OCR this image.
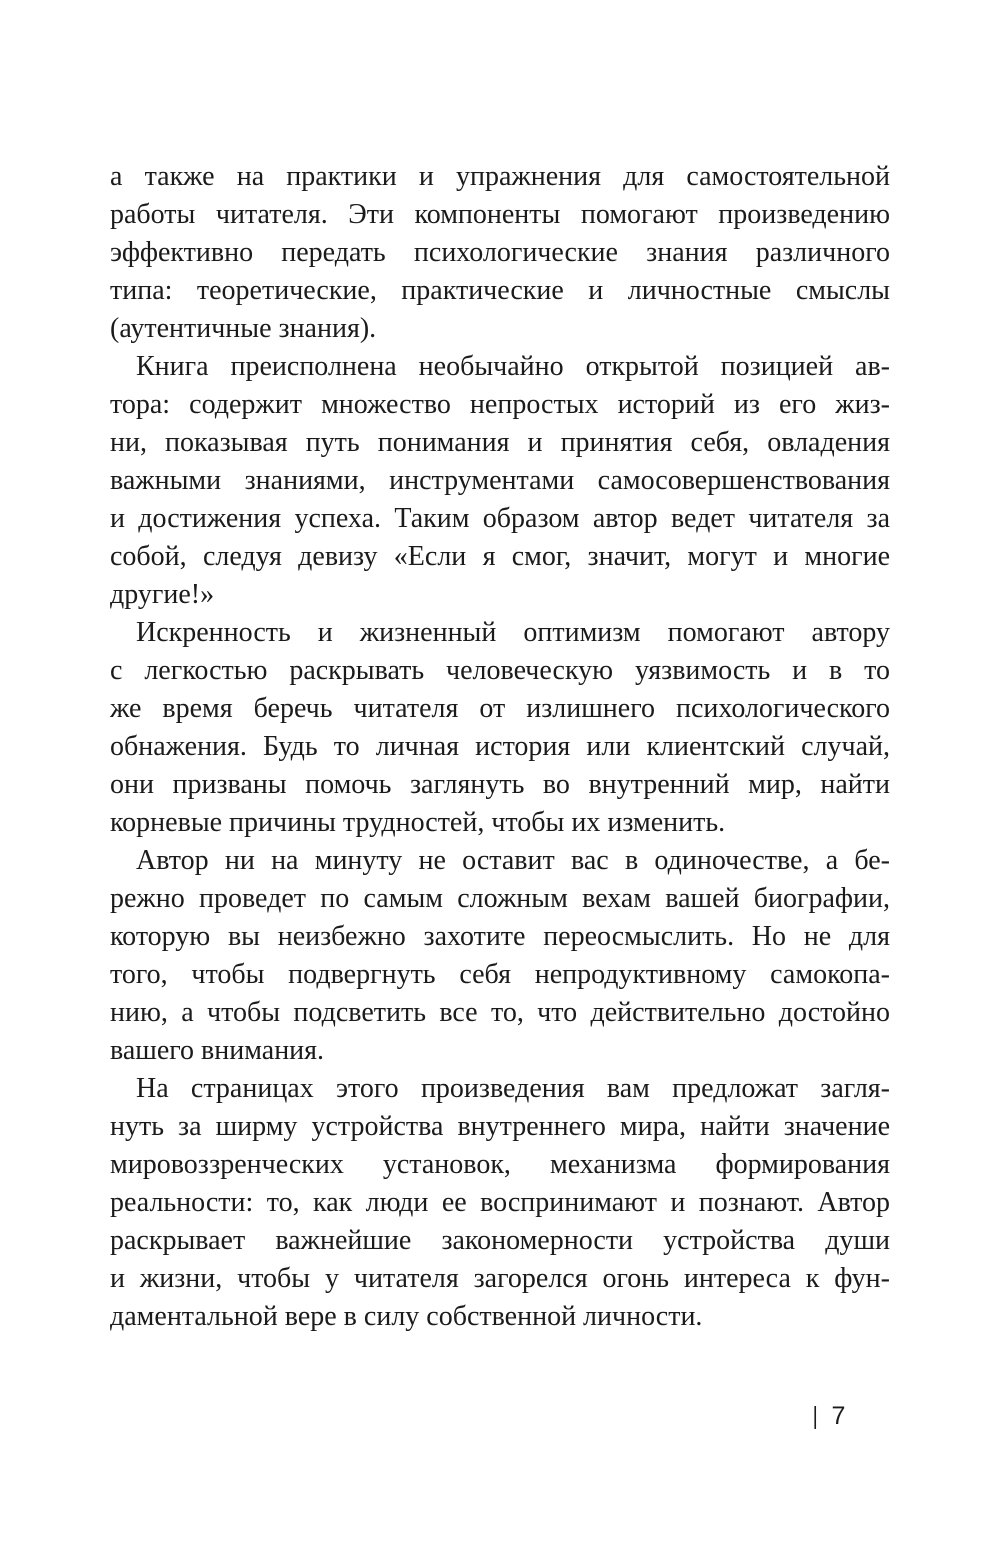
а также на практики и упражнения для самостоятельной
работы читателя. Эти компоненты помогают произведению
эффективно передать психологические знания различного
типа: теоретические, практические и личностные смыслы
(аутентичные знания).
Книга преисполнена необычайно открытой позицией ав-
тора: содержит множество непростых историй из его жиз-
ни, показывая путь понимания и принятия себя, овладения
важными знаниями, инструментами самосовершенствования
и достижения успеха. Таким образом автор ведет читателя за
собой, следуя девизу «Если я смог, значит, могут и многие
другие!»
Искренность и жизненный оптимизм помогают автору
с легкостью раскрывать человеческую уязвимость и в то
же время беречь читателя от излишнего психологического
обнажения. Будь то личная история или клиентский случай,
они призваны помочь заглянуть во внутренний мир, найти
корневые причины трудностей, чтобы их изменить.
Автор ни на минуту не оставит вас в одиночестве, а бе-
режно проведет по самым сложным вехам вашей биографии,
которую вы неизбежно захотите переосмыслить. Но не для
того, чтобы подвергнуть себя непродуктивному самокопа-
нию, а чтобы подсветить все то, что действительно достойно
вашего внимания.
На страницах этого произведения вам предложат загля-
нуть за ширму устройства внутреннего мира, найти значение
мировоззренческих установок, механизма формирования
реальности: то, как люди ее воспринимают и познают. Автор
раскрывает важнейшие закономерности устройства души
и жизни, чтобы у читателя загорелся огонь интереса к фун-
даментальной вере в силу собственной личности.
| 7
